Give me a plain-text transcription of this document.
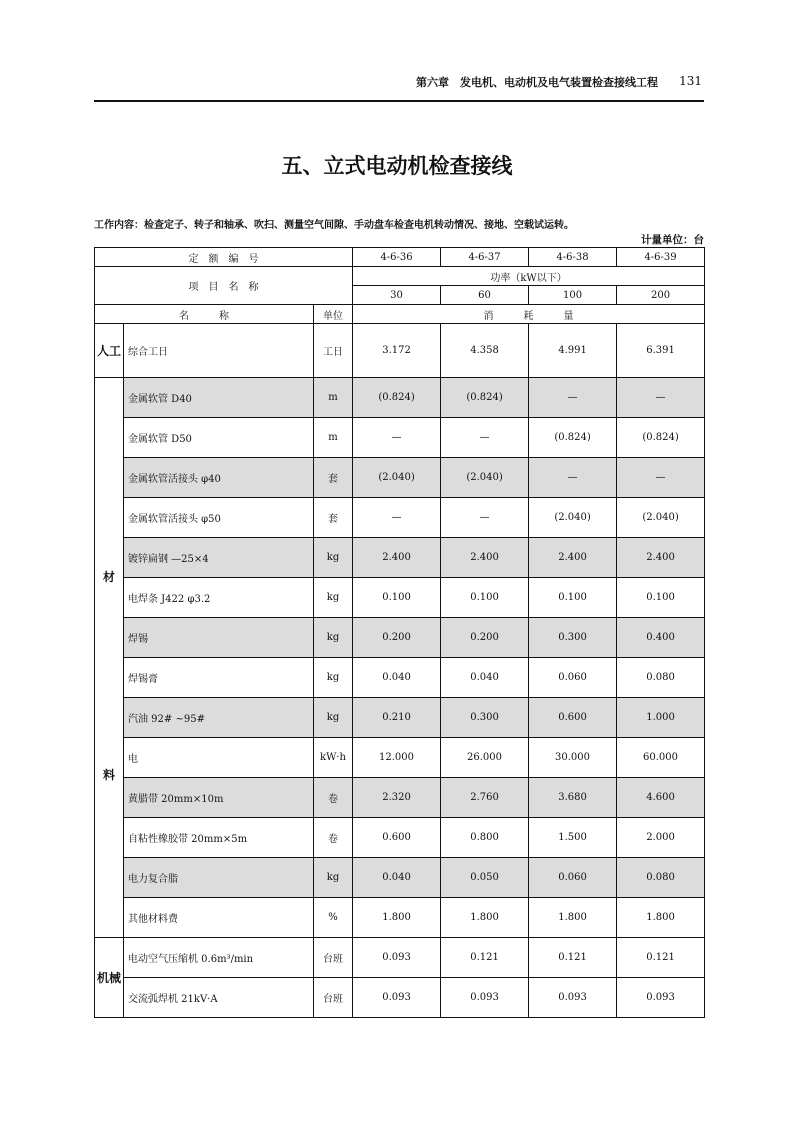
第六章　发电机、电动机及电气装置检查接线工程 131
五、立式电动机检查接线
工作内容：检查定子、转子和轴承、吹扫、测量空气间隙、手动盘车检查电机转动情况、接地、空载试运转。
计量单位：台
定　额　编　号			4-6-36	4-6-37	4-6-38	4-6-39
项　目　名　称			功率（kW以下）			
			30	60	100	200
名　　　称		单位	消　　　耗　　　量			
人工	综合工日	工日	3.172	4.358	4.991	6.391

材
料	金属软管 D40	m	(0.824)	(0.824)	—	—
	金属软管 D50	m	—	—	(0.824)	(0.824)
	金属软管活接头 φ40	套	(2.040)	(2.040)	—	—
	金属软管活接头 φ50	套	—	—	(2.040)	(2.040)
	镀锌扁钢 —25×4	kg	2.400	2.400	2.400	2.400
	电焊条 J422 φ3.2	kg	0.100	0.100	0.100	0.100
	焊锡	kg	0.200	0.200	0.300	0.400
	焊锡膏	kg	0.040	0.040	0.060	0.080
	汽油 92# ~95#	kg	0.210	0.300	0.600	1.000
	电	kW·h	12.000	26.000	30.000	60.000
	黄腊带 20mm×10m	卷	2.320	2.760	3.680	4.600
	自粘性橡胶带 20mm×5m	卷	0.600	0.800	1.500	2.000
	电力复合脂	kg	0.040	0.050	0.060	0.080
	其他材料费	%	1.800	1.800	1.800	1.800
机械	电动空气压缩机 0.6m³/min	台班	0.093	0.121	0.121	0.121
	交流弧焊机 21kV·A	台班	0.093	0.093	0.093	0.093
